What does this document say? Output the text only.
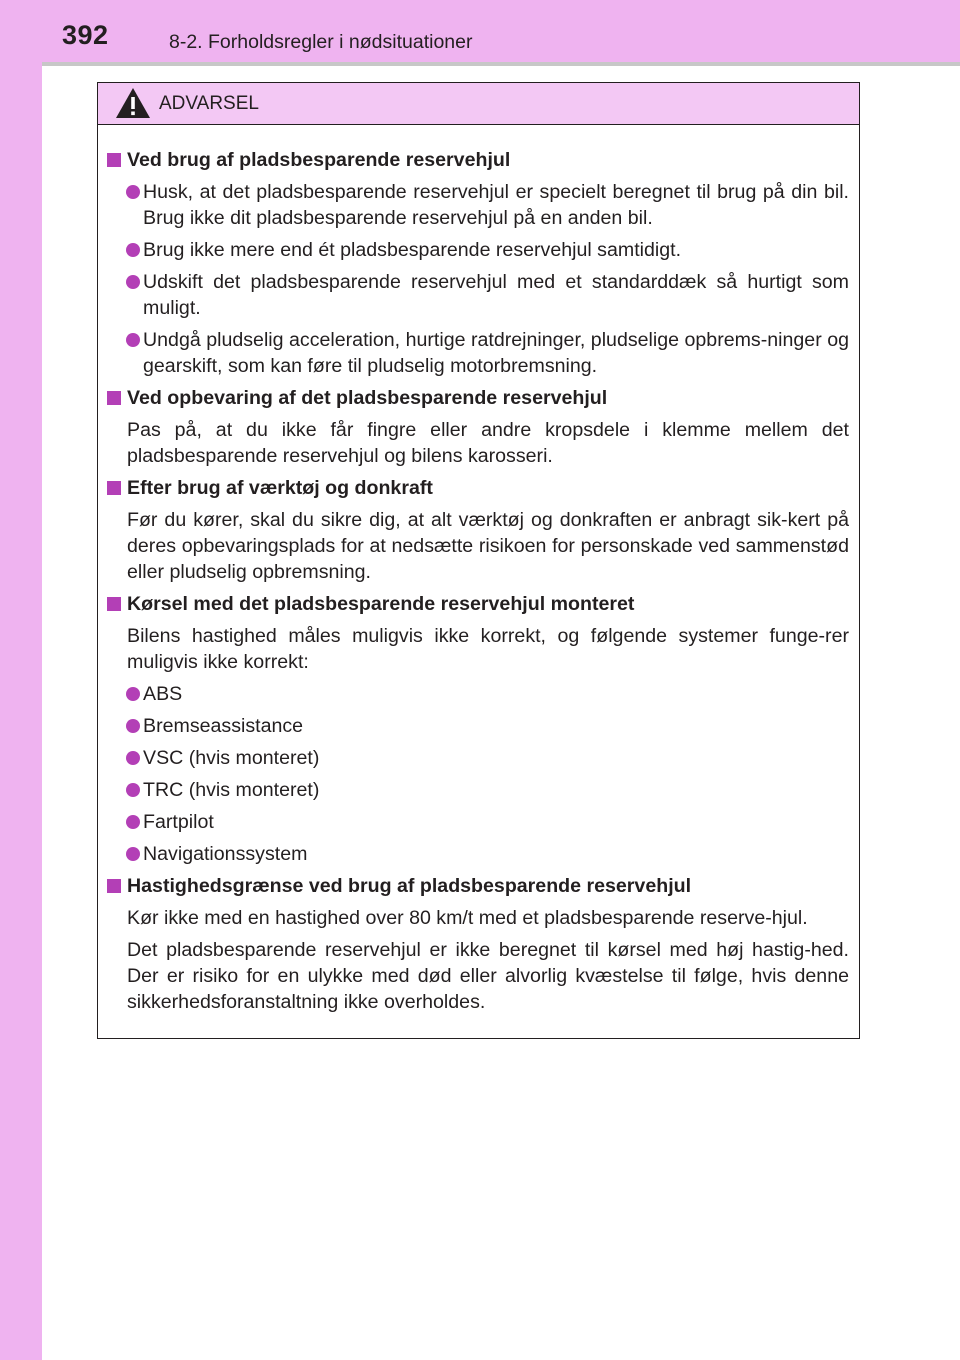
392	8-2. Forholdsregler i nødsituationer
ADVARSEL
Ved brug af pladsbesparende reservehjul
Husk, at det pladsbesparende reservehjul er specielt beregnet til brug på din bil. Brug ikke dit pladsbesparende reservehjul på en anden bil.
Brug ikke mere end ét pladsbesparende reservehjul samtidigt.
Udskift det pladsbesparende reservehjul med et standarddæk så hurtigt som muligt.
Undgå pludselig acceleration, hurtige ratdrejninger, pludselige opbrems-ninger og gearskift, som kan føre til pludselig motorbremsning.
Ved opbevaring af det pladsbesparende reservehjul
Pas på, at du ikke får fingre eller andre kropsdele i klemme mellem det pladsbesparende reservehjul og bilens karosseri.
Efter brug af værktøj og donkraft
Før du kører, skal du sikre dig, at alt værktøj og donkraften er anbragt sik-kert på deres opbevaringsplads for at nedsætte risikoen for personskade ved sammenstød eller pludselig opbremsning.
Kørsel med det pladsbesparende reservehjul monteret
Bilens hastighed måles muligvis ikke korrekt, og følgende systemer funge-rer muligvis ikke korrekt:
ABS
Bremseassistance
VSC (hvis monteret)
TRC (hvis monteret)
Fartpilot
Navigationssystem
Hastighedsgrænse ved brug af pladsbesparende reservehjul
Kør ikke med en hastighed over 80 km/t med et pladsbesparende reserve-hjul.
Det pladsbesparende reservehjul er ikke beregnet til kørsel med høj hastig-hed. Der er risiko for en ulykke med død eller alvorlig kvæstelse til følge, hvis denne sikkerhedsforanstaltning ikke overholdes.
